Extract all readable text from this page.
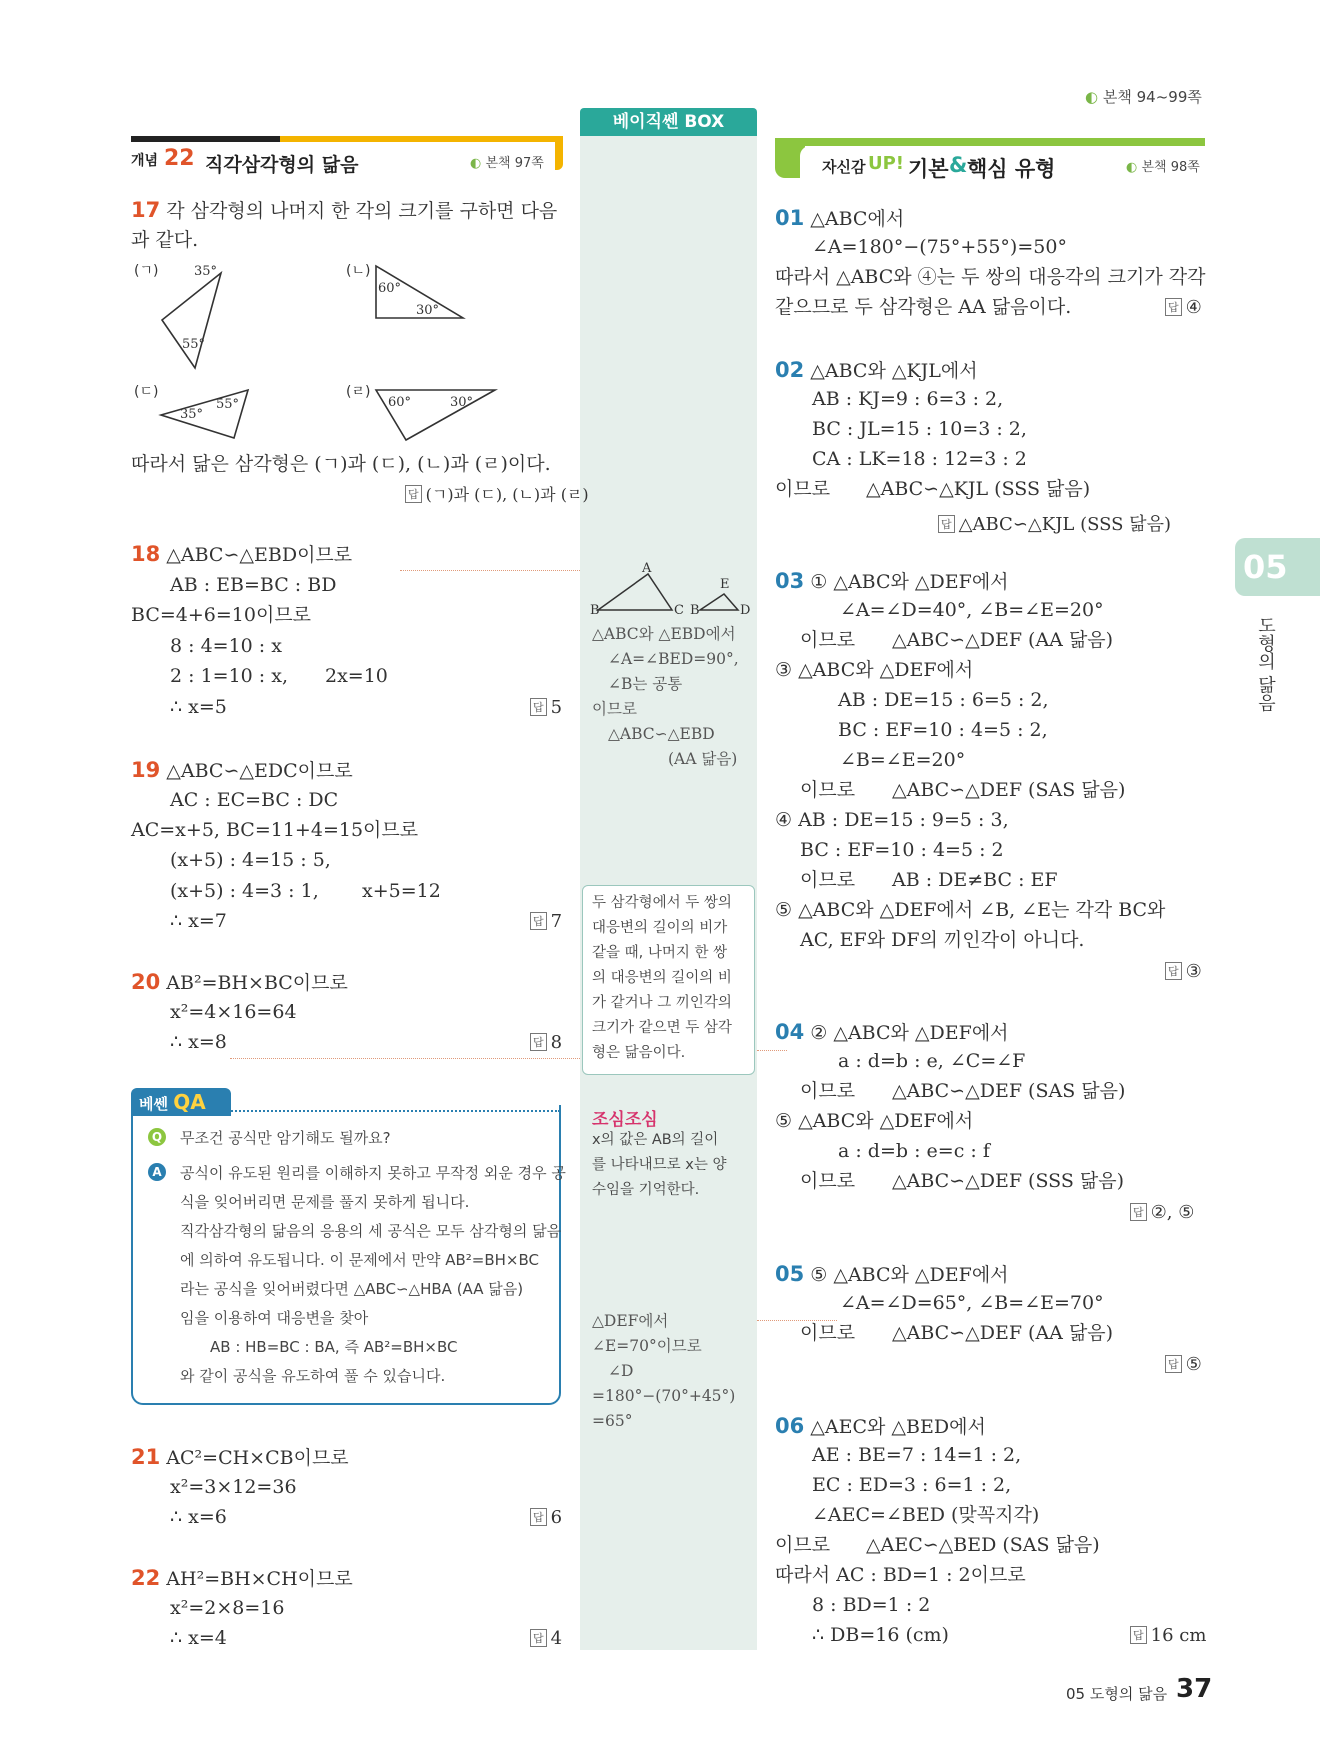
◐ 본책 94~99쪽
개념 22 직각삼각형의 닮음	◐ 본책 97쪽
베이직쎈 BOX
자신감 UP! 기본 & 핵심 유형	◐ 본책 98쪽
05
도형의 닮음
17 각 삼각형의 나머지 한 각의 크기를 구하면 다음
과 같다.
(ㄱ)	35°
55°
(ㄴ)
60°
30°
(ㄷ)
35°
55°
(ㄹ)
60°	30°
따라서 닮은 삼각형은 (ㄱ)과 (ㄷ), (ㄴ)과 (ㄹ)이다.
답 (ㄱ)과 (ㄷ), (ㄴ)과 (ㄹ)
18 △ABC∽△EBD이므로
AB : EB=BC : BD
BC=4+6=10이므로
8 : 4=10 : x
2 : 1=10 : x, 2x=10
∴ x=5	답 5
19 △ABC∽△EDC이므로
AC : EC=BC : DC
AC=x+5, BC=11+4=15이므로
(x+5) : 4=15 : 5,
(x+5) : 4=3 : 1, x+5=12
∴ x=7	답 7
20 AB²=BH×BC이므로
x²=4×16=64
∴ x=8	답 8
베쎈 QA
Q 무조건 공식만 암기해도 될까요?
A 공식이 유도된 원리를 이해하지 못하고 무작정 외운 경우 공
식을 잊어버리면 문제를 풀지 못하게 됩니다.
직각삼각형의 닮음의 응용의 세 공식은 모두 삼각형의 닮음
에 의하여 유도됩니다. 이 문제에서 만약 AB²=BH×BC
라는 공식을 잊어버렸다면 △ABC∽△HBA (AA 닮음)
임을 이용하여 대응변을 찾아
AB : HB=BC : BA, 즉 AB²=BH×BC
와 같이 공식을 유도하여 풀 수 있습니다.
21 AC²=CH×CB이므로
x²=3×12=36
∴ x=6	답 6
22 AH²=BH×CH이므로
x²=2×8=16
∴ x=4	답 4
A
B	C B
E
D
△ABC와 △EBD에서
∠A=∠BED=90°,
∠B는 공통
이므로
△ABC∽△EBD
(AA 닮음)
두 삼각형에서 두 쌍의
대응변의 길이의 비가
같을 때, 나머지 한 쌍
의 대응변의 길이의 비
가 같거나 그 끼인각의
크기가 같으면 두 삼각
형은 닮음이다.
조심조심
x의 값은 AB의 길이
를 나타내므로 x는 양
수임을 기억한다.
△DEF에서
∠E=70°이므로
∠D
=180°−(70°+45°)
=65°
01 △ABC에서
∠A=180°−(75°+55°)=50°
따라서 △ABC와 ④는 두 쌍의 대응각의 크기가 각각
같으므로 두 삼각형은 AA 닮음이다.	답 ④
02 △ABC와 △KJL에서
AB : KJ=9 : 6=3 : 2,
BC : JL=15 : 10=3 : 2,
CA : LK=18 : 12=3 : 2
이므로 △ABC∽△KJL (SSS 닮음)
답 △ABC∽△KJL (SSS 닮음)
03 ① △ABC와 △DEF에서
∠A=∠D=40°, ∠B=∠E=20°
이므로 △ABC∽△DEF (AA 닮음)
③ △ABC와 △DEF에서
AB : DE=15 : 6=5 : 2,
BC : EF=10 : 4=5 : 2,
∠B=∠E=20°
이므로 △ABC∽△DEF (SAS 닮음)
④ AB : DE=15 : 9=5 : 3,
BC : EF=10 : 4=5 : 2
이므로 AB : DE≠BC : EF
⑤ △ABC와 △DEF에서 ∠B, ∠E는 각각 BC와
AC, EF와 DF의 끼인각이 아니다.
답 ③
04 ② △ABC와 △DEF에서
a : d=b : e, ∠C=∠F
이므로 △ABC∽△DEF (SAS 닮음)
⑤ △ABC와 △DEF에서
a : d=b : e=c : f
이므로 △ABC∽△DEF (SSS 닮음)
답 ②, ⑤
05 ⑤ △ABC와 △DEF에서
∠A=∠D=65°, ∠B=∠E=70°
이므로 △ABC∽△DEF (AA 닮음)
답 ⑤
06 △AEC와 △BED에서
AE : BE=7 : 14=1 : 2,
EC : ED=3 : 6=1 : 2,
∠AEC=∠BED (맞꼭지각)
이므로 △AEC∽△BED (SAS 닮음)
따라서 AC : BD=1 : 2이므로
8 : BD=1 : 2
∴ DB=16 (cm)	답 16 cm
05 도형의 닮음 37
